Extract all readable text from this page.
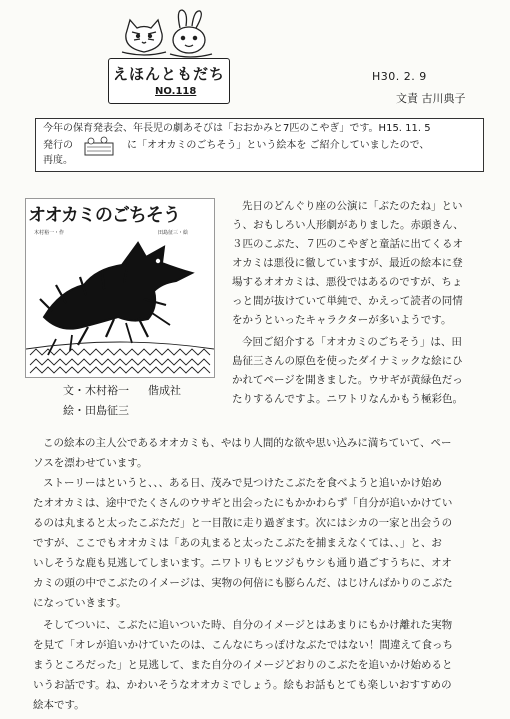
えほんともだち
NO.118
H30. 2. 9
文責 古川典子
今年の保育発表会、年長児の劇あそびは「おおかみと7匹のこやぎ」です。H15. 11. 5
発行の	に「オオカミのごちそう」という絵本を ご紹介していましたので、
再度。
オオカミのごちそう
木村裕一・作	田島征三・絵
文・木村裕一 偕成社
絵・田島征三
先日のどんぐり座の公演に「ぶたのたね」とい
う、おもしろい人形劇がありました。赤頭きん、
３匹のこぶた、７匹のこやぎと童話に出てくるオ
オカミは悪役に徹していますが、最近の絵本に登
場するオオカミは、悪役ではあるのですが、ちょ
っと間が抜けていて単純で、かえって読者の同情
をかうといったキャラクターが多いようです。
今回ご紹介する「オオカミのごちそう」は、田
島征三さんの原色を使ったダイナミックな絵にひ
かれてページを開きました。ウサギが黄緑色だっ
たりするんですよ。ニワトリなんかもう極彩色。
この絵本の主人公であるオオカミも、やはり人間的な欲や思い込みに満ちていて、ペー
ソスを漂わせています。
ストーリーはというと、、、ある日、茂みで見つけたこぶたを食べようと追いかけ始め
たオオカミは、途中でたくさんのウサギと出会ったにもかかわらず「自分が追いかけてい
るのは丸まると太ったこぶただ」と一目散に走り過ぎます。次にはシカの一家と出会うの
ですが、ここでもオオカミは「あの丸まると太ったこぶたを捕まえなくては、、」と、お
いしそうな鹿も見逃してしまいます。ニワトリもヒツジもウシも通り過ごすうちに、オオ
カミの頭の中でこぶたのイメージは、実物の何倍にも膨らんだ、はじけんばかりのこぶた
になっていきます。
そしてついに、こぶたに追いついた時、自分のイメージとはあまりにもかけ離れた実物
を見て「オレが追いかけていたのは、こんなにちっぽけなぶたではない！間違えて食っち
まうところだった」と見逃して、また自分のイメージどおりのこぶたを追いかけ始めると
いうお話です。ね、かわいそうなオオカミでしょう。絵もお話もとても楽しいおすすめの
絵本です。
